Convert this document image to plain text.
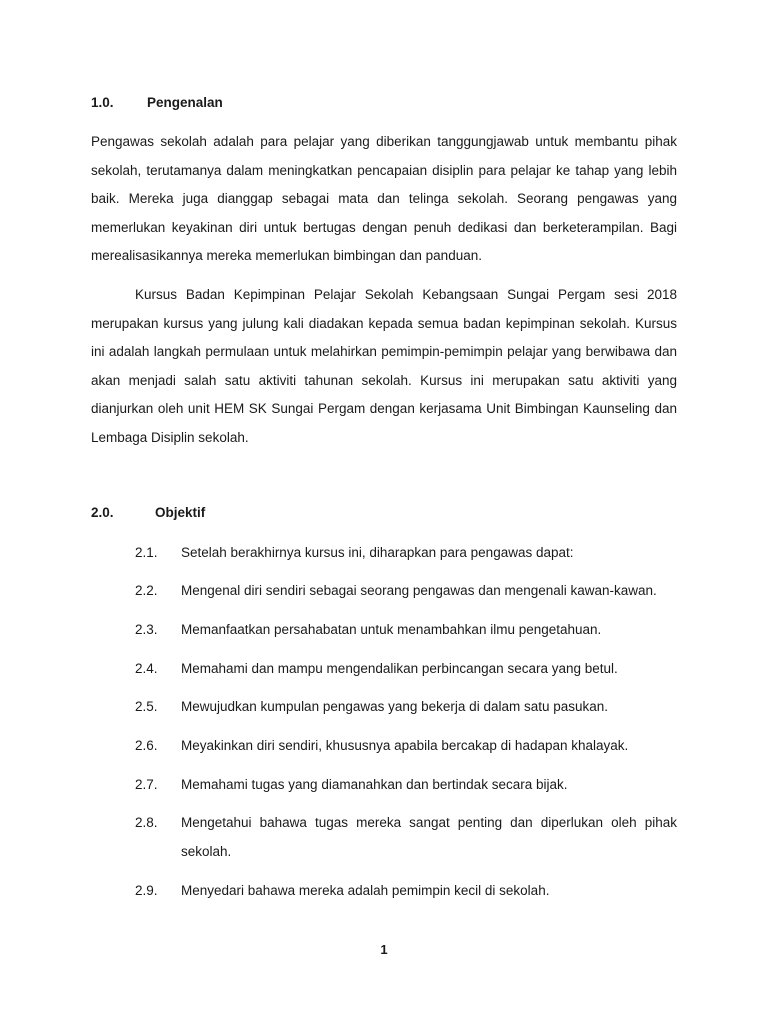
1.0. Pengenalan

Pengawas sekolah adalah para pelajar yang diberikan tanggungjawab untuk membantu pihak sekolah, terutamanya dalam meningkatkan pencapaian disiplin para pelajar ke tahap yang lebih baik. Mereka juga dianggap sebagai mata dan telinga sekolah. Seorang pengawas yang memerlukan keyakinan diri untuk bertugas dengan penuh dedikasi dan berketerampilan. Bagi merealisasikannya mereka memerlukan bimbingan dan panduan.

Kursus Badan Kepimpinan Pelajar Sekolah Kebangsaan Sungai Pergam sesi 2018 merupakan kursus yang julung kali diadakan kepada semua badan kepimpinan sekolah. Kursus ini adalah langkah permulaan untuk melahirkan pemimpin-pemimpin pelajar yang berwibawa dan akan menjadi salah satu aktiviti tahunan sekolah. Kursus ini merupakan satu aktiviti yang dianjurkan oleh unit HEM SK Sungai Pergam dengan kerjasama Unit Bimbingan Kaunseling dan Lembaga Disiplin sekolah.

2.0.	Objektif
2.1. Setelah berakhirnya kursus ini, diharapkan para pengawas dapat:
2.2. Mengenal diri sendiri sebagai seorang pengawas dan mengenali kawan-kawan.
2.3. Memanfaatkan persahabatan untuk menambahkan ilmu pengetahuan.
2.4. Memahami dan mampu mengendalikan perbincangan secara yang betul.
2.5. Mewujudkan kumpulan pengawas yang bekerja di dalam satu pasukan.
2.6. Meyakinkan diri sendiri, khususnya apabila bercakap di hadapan khalayak.
2.7. Memahami tugas yang diamanahkan dan bertindak secara bijak.
2.8. Mengetahui bahawa tugas mereka sangat penting dan diperlukan oleh pihak sekolah.
2.9. Menyedari bahawa mereka adalah pemimpin kecil di sekolah.
1
